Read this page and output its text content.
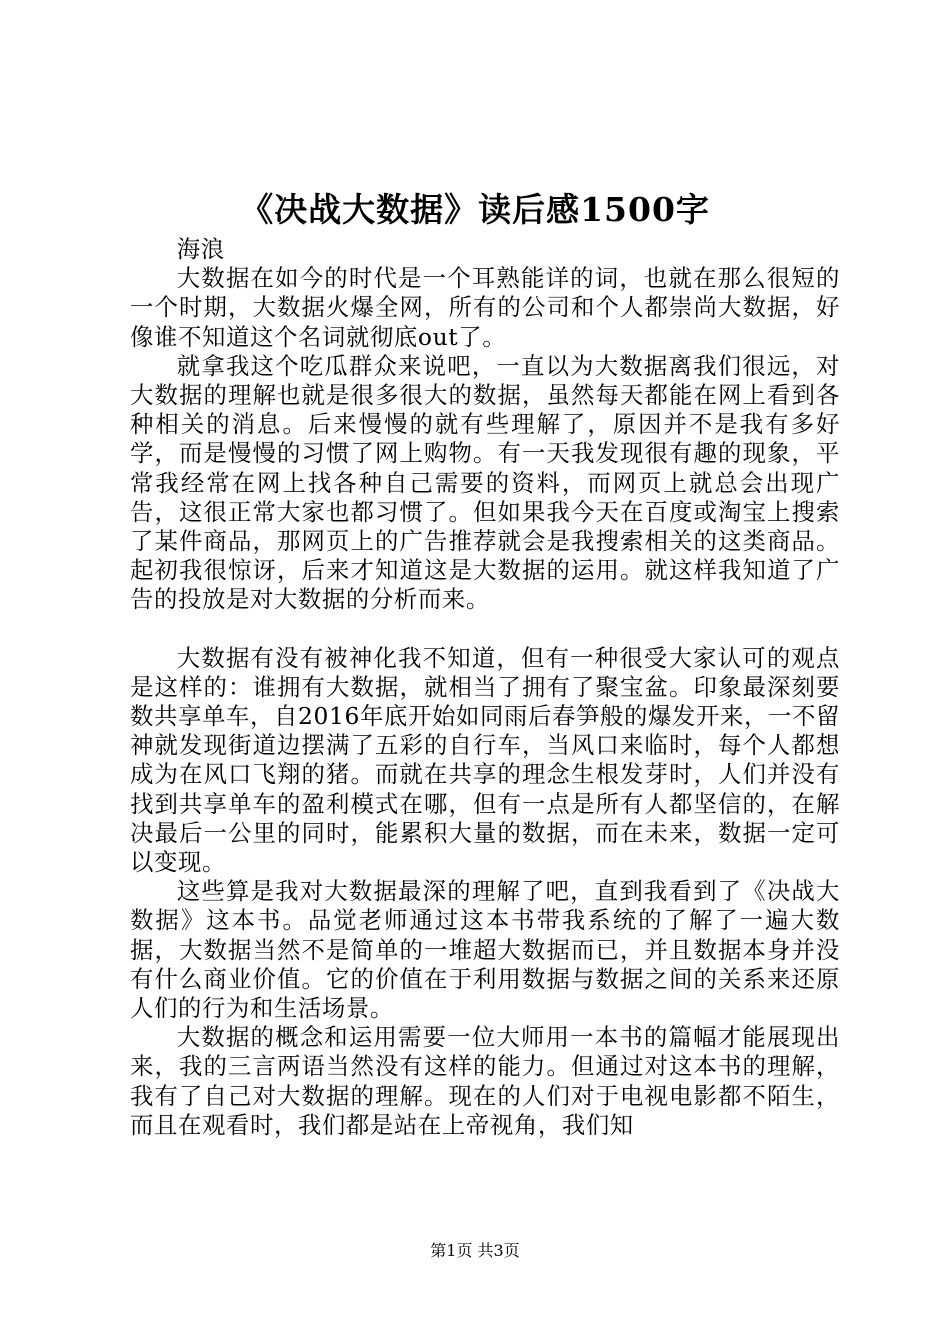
《决战大数据》读后感1500字

海浪

大数据在如今的时代是一个耳熟能详的词，也就在那么很短的一个时期，大数据火爆全网，所有的公司和个人都崇尚大数据，好像谁不知道这个名词就彻底out了。

就拿我这个吃瓜群众来说吧，一直以为大数据离我们很远，对大数据的理解也就是很多很大的数据，虽然每天都能在网上看到各种相关的消息。后来慢慢的就有些理解了，原因并不是我有多好学，而是慢慢的习惯了网上购物。有一天我发现很有趣的现象，平常我经常在网上找各种自己需要的资料，而网页上就总会出现广告，这很正常大家也都习惯了。但如果我今天在百度或淘宝上搜索了某件商品，那网页上的广告推荐就会是我搜索相关的这类商品。起初我很惊讶，后来才知道这是大数据的运用。就这样我知道了广告的投放是对大数据的分析而来。

大数据有没有被神化我不知道，但有一种很受大家认可的观点是这样的：谁拥有大数据，就相当了拥有了聚宝盆。印象最深刻要数共享单车，自2016年底开始如同雨后春笋般的爆发开来，一不留神就发现街道边摆满了五彩的自行车，当风口来临时，每个人都想成为在风口飞翔的猪。而就在共享的理念生根发芽时，人们并没有找到共享单车的盈利模式在哪，但有一点是所有人都坚信的，在解决最后一公里的同时，能累积大量的数据，而在未来，数据一定可以变现。

这些算是我对大数据最深的理解了吧，直到我看到了《决战大数据》这本书。品觉老师通过这本书带我系统的了解了一遍大数据，大数据当然不是简单的一堆超大数据而已，并且数据本身并没有什么商业价值。它的价值在于利用数据与数据之间的关系来还原人们的行为和生活场景。

大数据的概念和运用需要一位大师用一本书的篇幅才能展现出来，我的三言两语当然没有这样的能力。但通过对这本书的理解，我有了自己对大数据的理解。现在的人们对于电视电影都不陌生，而且在观看时，我们都是站在上帝视角，我们知

第1页 共3页
